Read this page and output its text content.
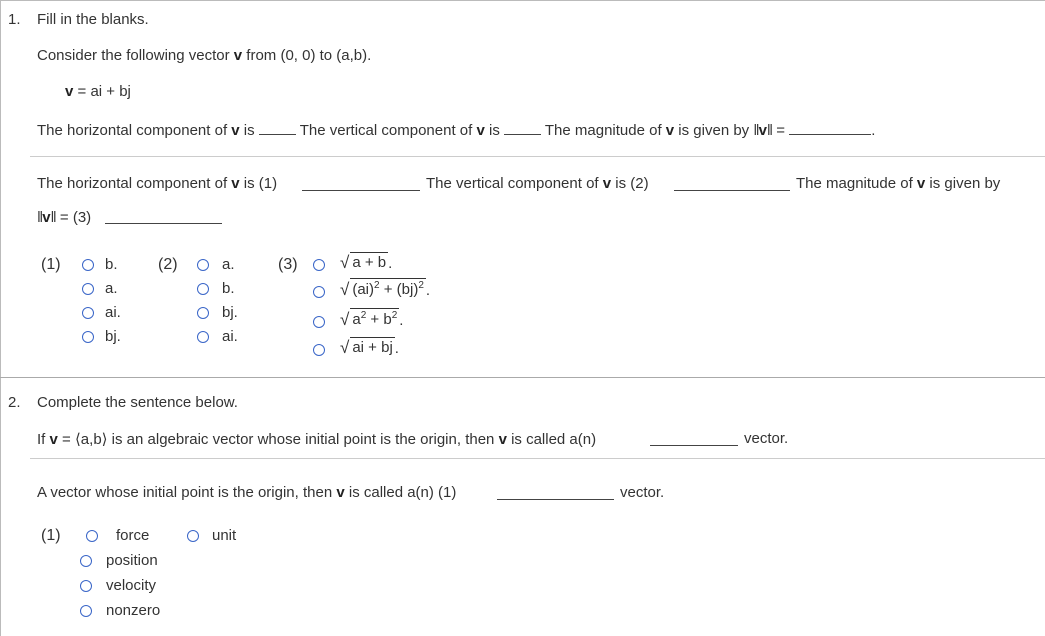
1. Fill in the blanks.
Consider the following vector v from (0, 0) to (a,b).
v = ai + bj
The horizontal component of v is  The vertical component of v is  The magnitude of v is given by ‖v‖ =	.
The horizontal component of v is (1)	The vertical component of v is (2)	The magnitude of v is given by
‖v‖ = (3)
(1)	b.
a.
ai.
bj.
(2)	a.
b.
bj.
ai.
(3) √ a + b .
√ (ai)$^2$ + (bj)$^2$ .
√ $a^2 + b^2$ .
√ ai + bj .
2. Complete the sentence below.
If v = ⟨a,b⟩ is an algebraic vector whose initial point is the origin, then v is called a(n)	vector.
A vector whose initial point is the origin, then v is called a(n) (1)	vector.
(1)	force	unit
position
velocity
nonzero
